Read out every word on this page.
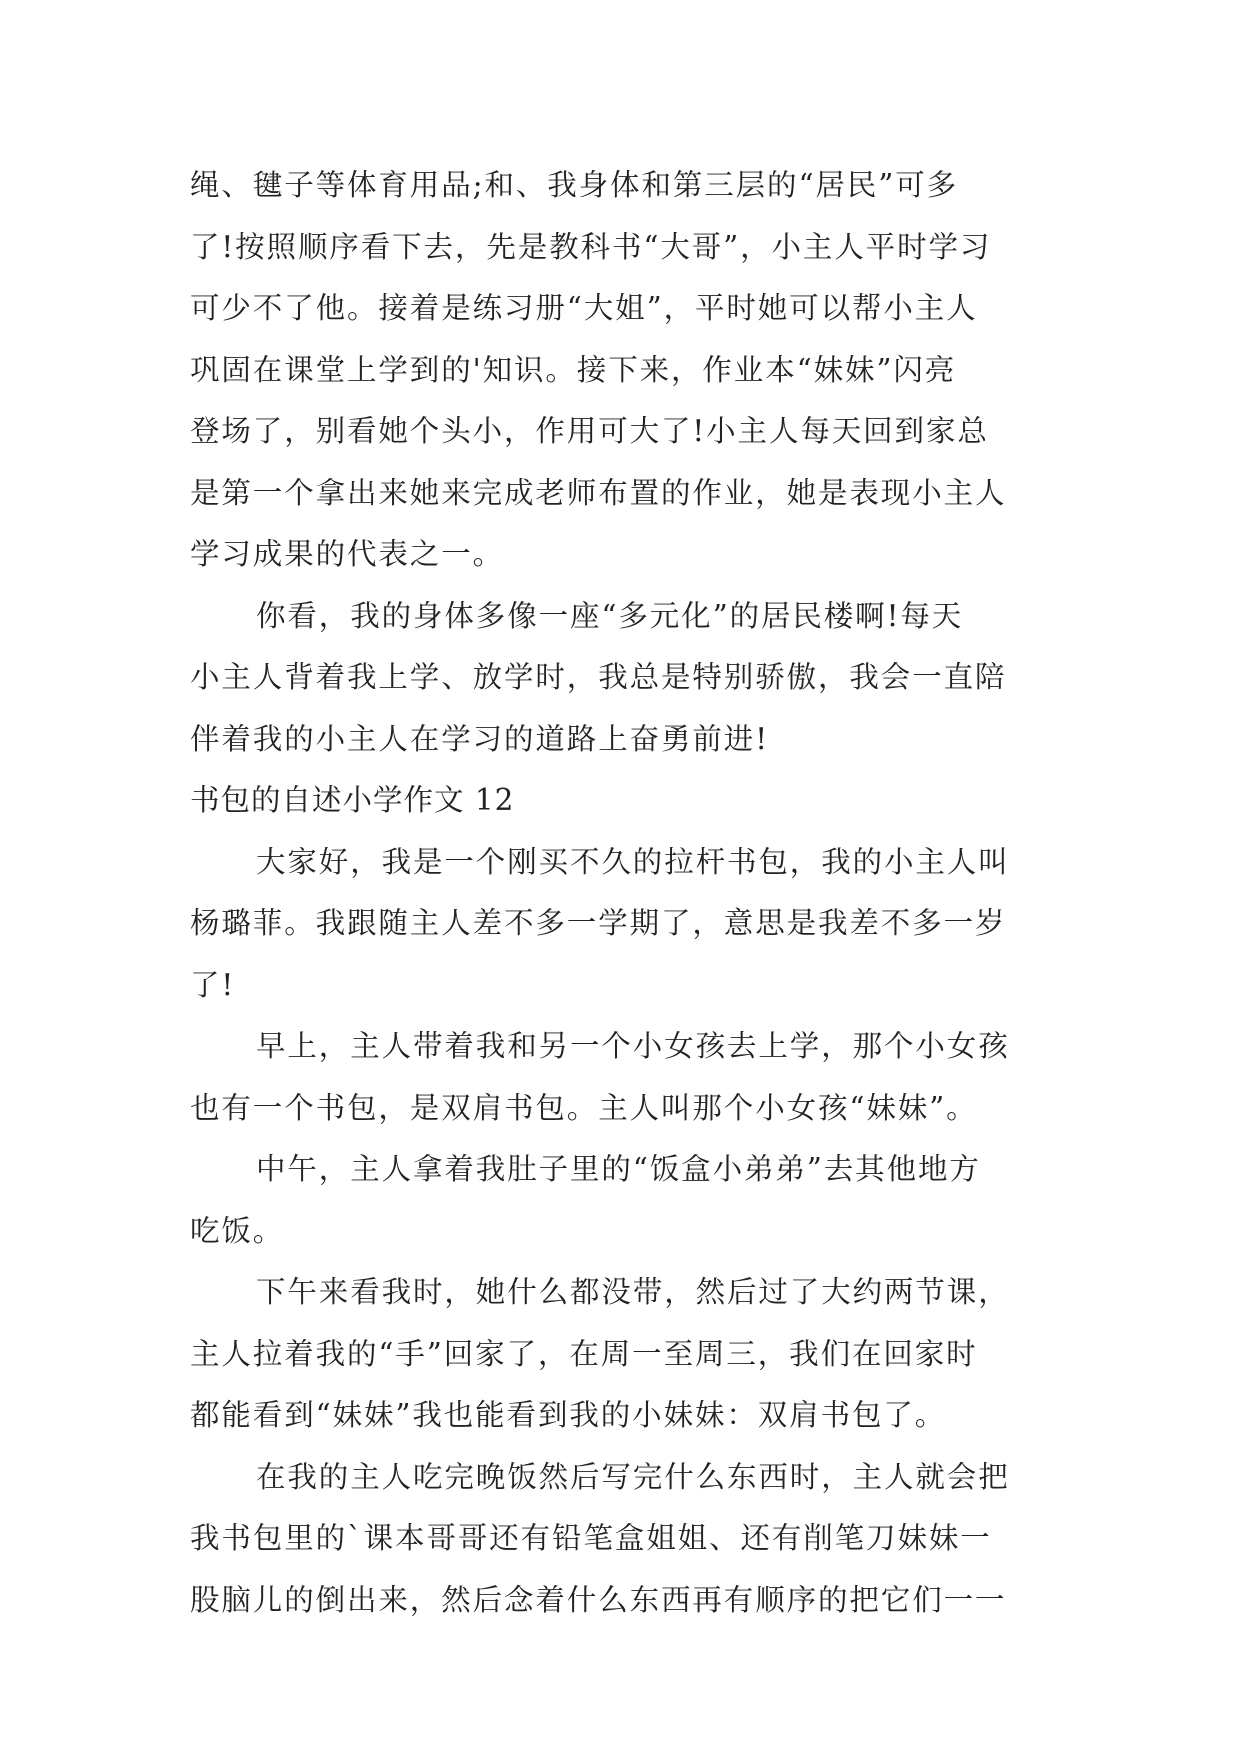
绳、毽子等体育用品;和、我身体和第三层的“居民”可多
了!按照顺序看下去，先是教科书“大哥”，小主人平时学习
可少不了他。接着是练习册“大姐”，平时她可以帮小主人
巩固在课堂上学到的'知识。接下来，作业本“妹妹”闪亮
登场了，别看她个头小，作用可大了!小主人每天回到家总
是第一个拿出来她来完成老师布置的作业，她是表现小主人
学习成果的代表之一。
你看，我的身体多像一座“多元化”的居民楼啊!每天
小主人背着我上学、放学时，我总是特别骄傲，我会一直陪
伴着我的小主人在学习的道路上奋勇前进!
书包的自述小学作文 12
大家好，我是一个刚买不久的拉杆书包，我的小主人叫
杨璐菲。我跟随主人差不多一学期了，意思是我差不多一岁
了!
早上，主人带着我和另一个小女孩去上学，那个小女孩
也有一个书包，是双肩书包。主人叫那个小女孩“妹妹”。
中午，主人拿着我肚子里的“饭盒小弟弟”去其他地方
吃饭。
下午来看我时，她什么都没带，然后过了大约两节课，
主人拉着我的“手”回家了，在周一至周三，我们在回家时
都能看到“妹妹”我也能看到我的小妹妹：双肩书包了。
在我的主人吃完晚饭然后写完什么东西时，主人就会把
我书包里的`课本哥哥还有铅笔盒姐姐、还有削笔刀妹妹一
股脑儿的倒出来，然后念着什么东西再有顺序的把它们一一
